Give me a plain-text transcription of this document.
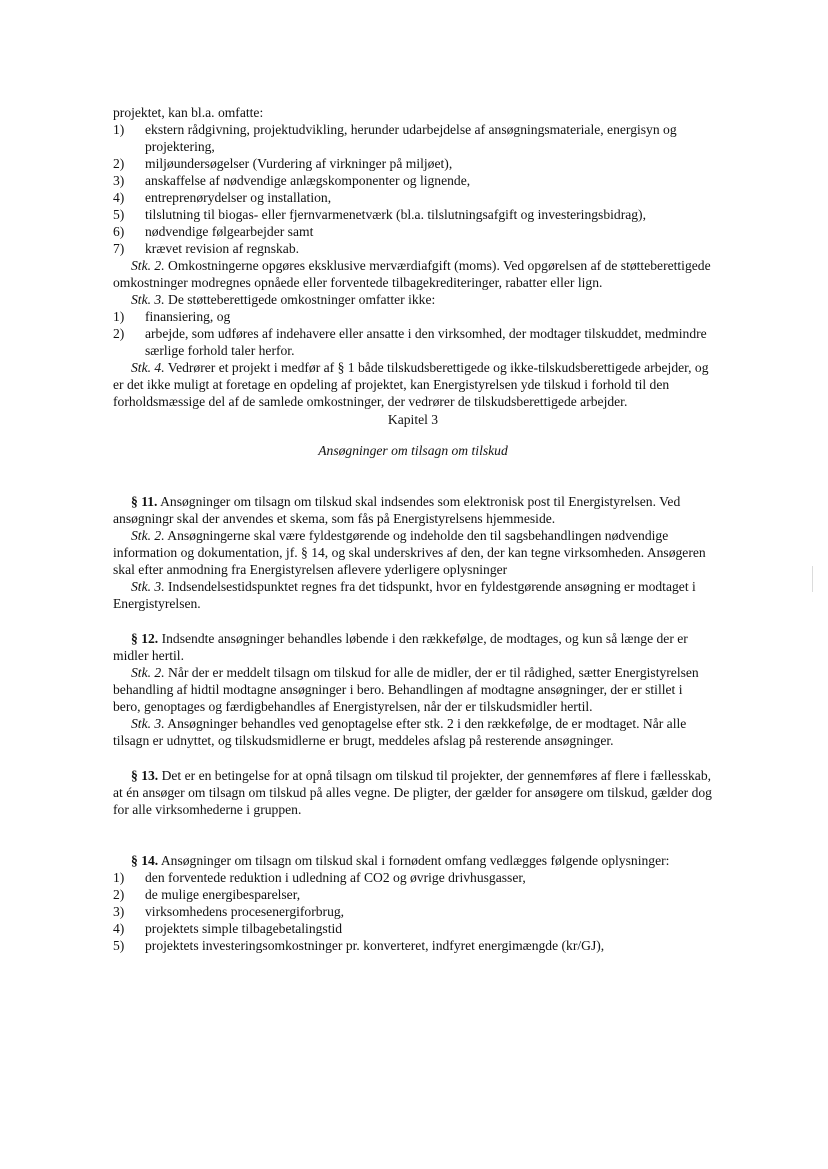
projektet, kan bl.a. omfatte:

1) ekstern rådgivning, projektudvikling, herunder udarbejdelse af ansøgningsmateriale, energisyn og projektering,
2) miljøundersøgelser (Vurdering af virkninger på miljøet),
3) anskaffelse af nødvendige anlægskomponenter og lignende,
4) entreprenørydelser og installation,
5) tilslutning til biogas- eller fjernvarmenetværk (bl.a. tilslutningsafgift og investeringsbidrag),
6) nødvendige følgearbejder samt
7) krævet revision af regnskab.

Stk. 2. Omkostningerne opgøres eksklusive merværdiafgift (moms). Ved opgørelsen af de støtteberettigede omkostninger modregnes opnåede eller forventede tilbagekrediteringer, rabatter eller lign.

Stk. 3. De støtteberettigede omkostninger omfatter ikke:

1) finansiering, og
2) arbejde, som udføres af indehavere eller ansatte i den virksomhed, der modtager tilskuddet, medmindre særlige forhold taler herfor.

Stk. 4. Vedrører et projekt i medfør af § 1 både tilskudsberettigede og ikke-tilskudsberettigede arbejder, og er det ikke muligt at foretage en opdeling af projektet, kan Energistyrelsen yde tilskud i forhold til den forholdsmæssige del af de samlede omkostninger, der vedrører de tilskudsberettigede arbejder.

Kapitel 3

Ansøgninger om tilsagn om tilskud

§ 11. Ansøgninger om tilsagn om tilskud skal indsendes som elektronisk post til Energistyrelsen. Ved ansøgningr skal der anvendes et skema, som fås på Energistyrelsens hjemmeside.

Stk. 2. Ansøgningerne skal være fyldestgørende og indeholde den til sagsbehandlingen nødvendige information og dokumentation, jf. § 14, og skal underskrives af den, der kan tegne virksomheden. Ansøgeren skal efter anmodning fra Energistyrelsen aflevere yderligere oplysninger

Stk. 3. Indsendelsestidspunktet regnes fra det tidspunkt, hvor en fyldestgørende ansøgning er modtaget i Energistyrelsen.

§ 12. Indsendte ansøgninger behandles løbende i den rækkefølge, de modtages, og kun så længe der er midler hertil.

Stk. 2. Når der er meddelt tilsagn om tilskud for alle de midler, der er til rådighed, sætter Energistyrelsen behandling af hidtil modtagne ansøgninger i bero. Behandlingen af modtagne ansøgninger, der er stillet i bero, genoptages og færdigbehandles af Energistyrelsen, når der er tilskudsmidler hertil.

Stk. 3. Ansøgninger behandles ved genoptagelse efter stk. 2 i den rækkefølge, de er modtaget. Når alle tilsagn er udnyttet, og tilskudsmidlerne er brugt, meddeles afslag på resterende ansøgninger.

§ 13. Det er en betingelse for at opnå tilsagn om tilskud til projekter, der gennemføres af flere i fællesskab, at én ansøger om tilsagn om tilskud på alles vegne. De pligter, der gælder for ansøgere om tilskud, gælder dog for alle virksomhederne i gruppen.

§ 14. Ansøgninger om tilsagn om tilskud skal i fornødent omfang vedlægges følgende oplysninger:

1) den forventede reduktion i udledning af CO2 og øvrige drivhusgasser,
2) de mulige energibesparelser,
3) virksomhedens procesenergiforbrug,
4) projektets simple tilbagebetalingstid
5) projektets investeringsomkostninger pr. konverteret, indfyret energimængde (kr/GJ),
